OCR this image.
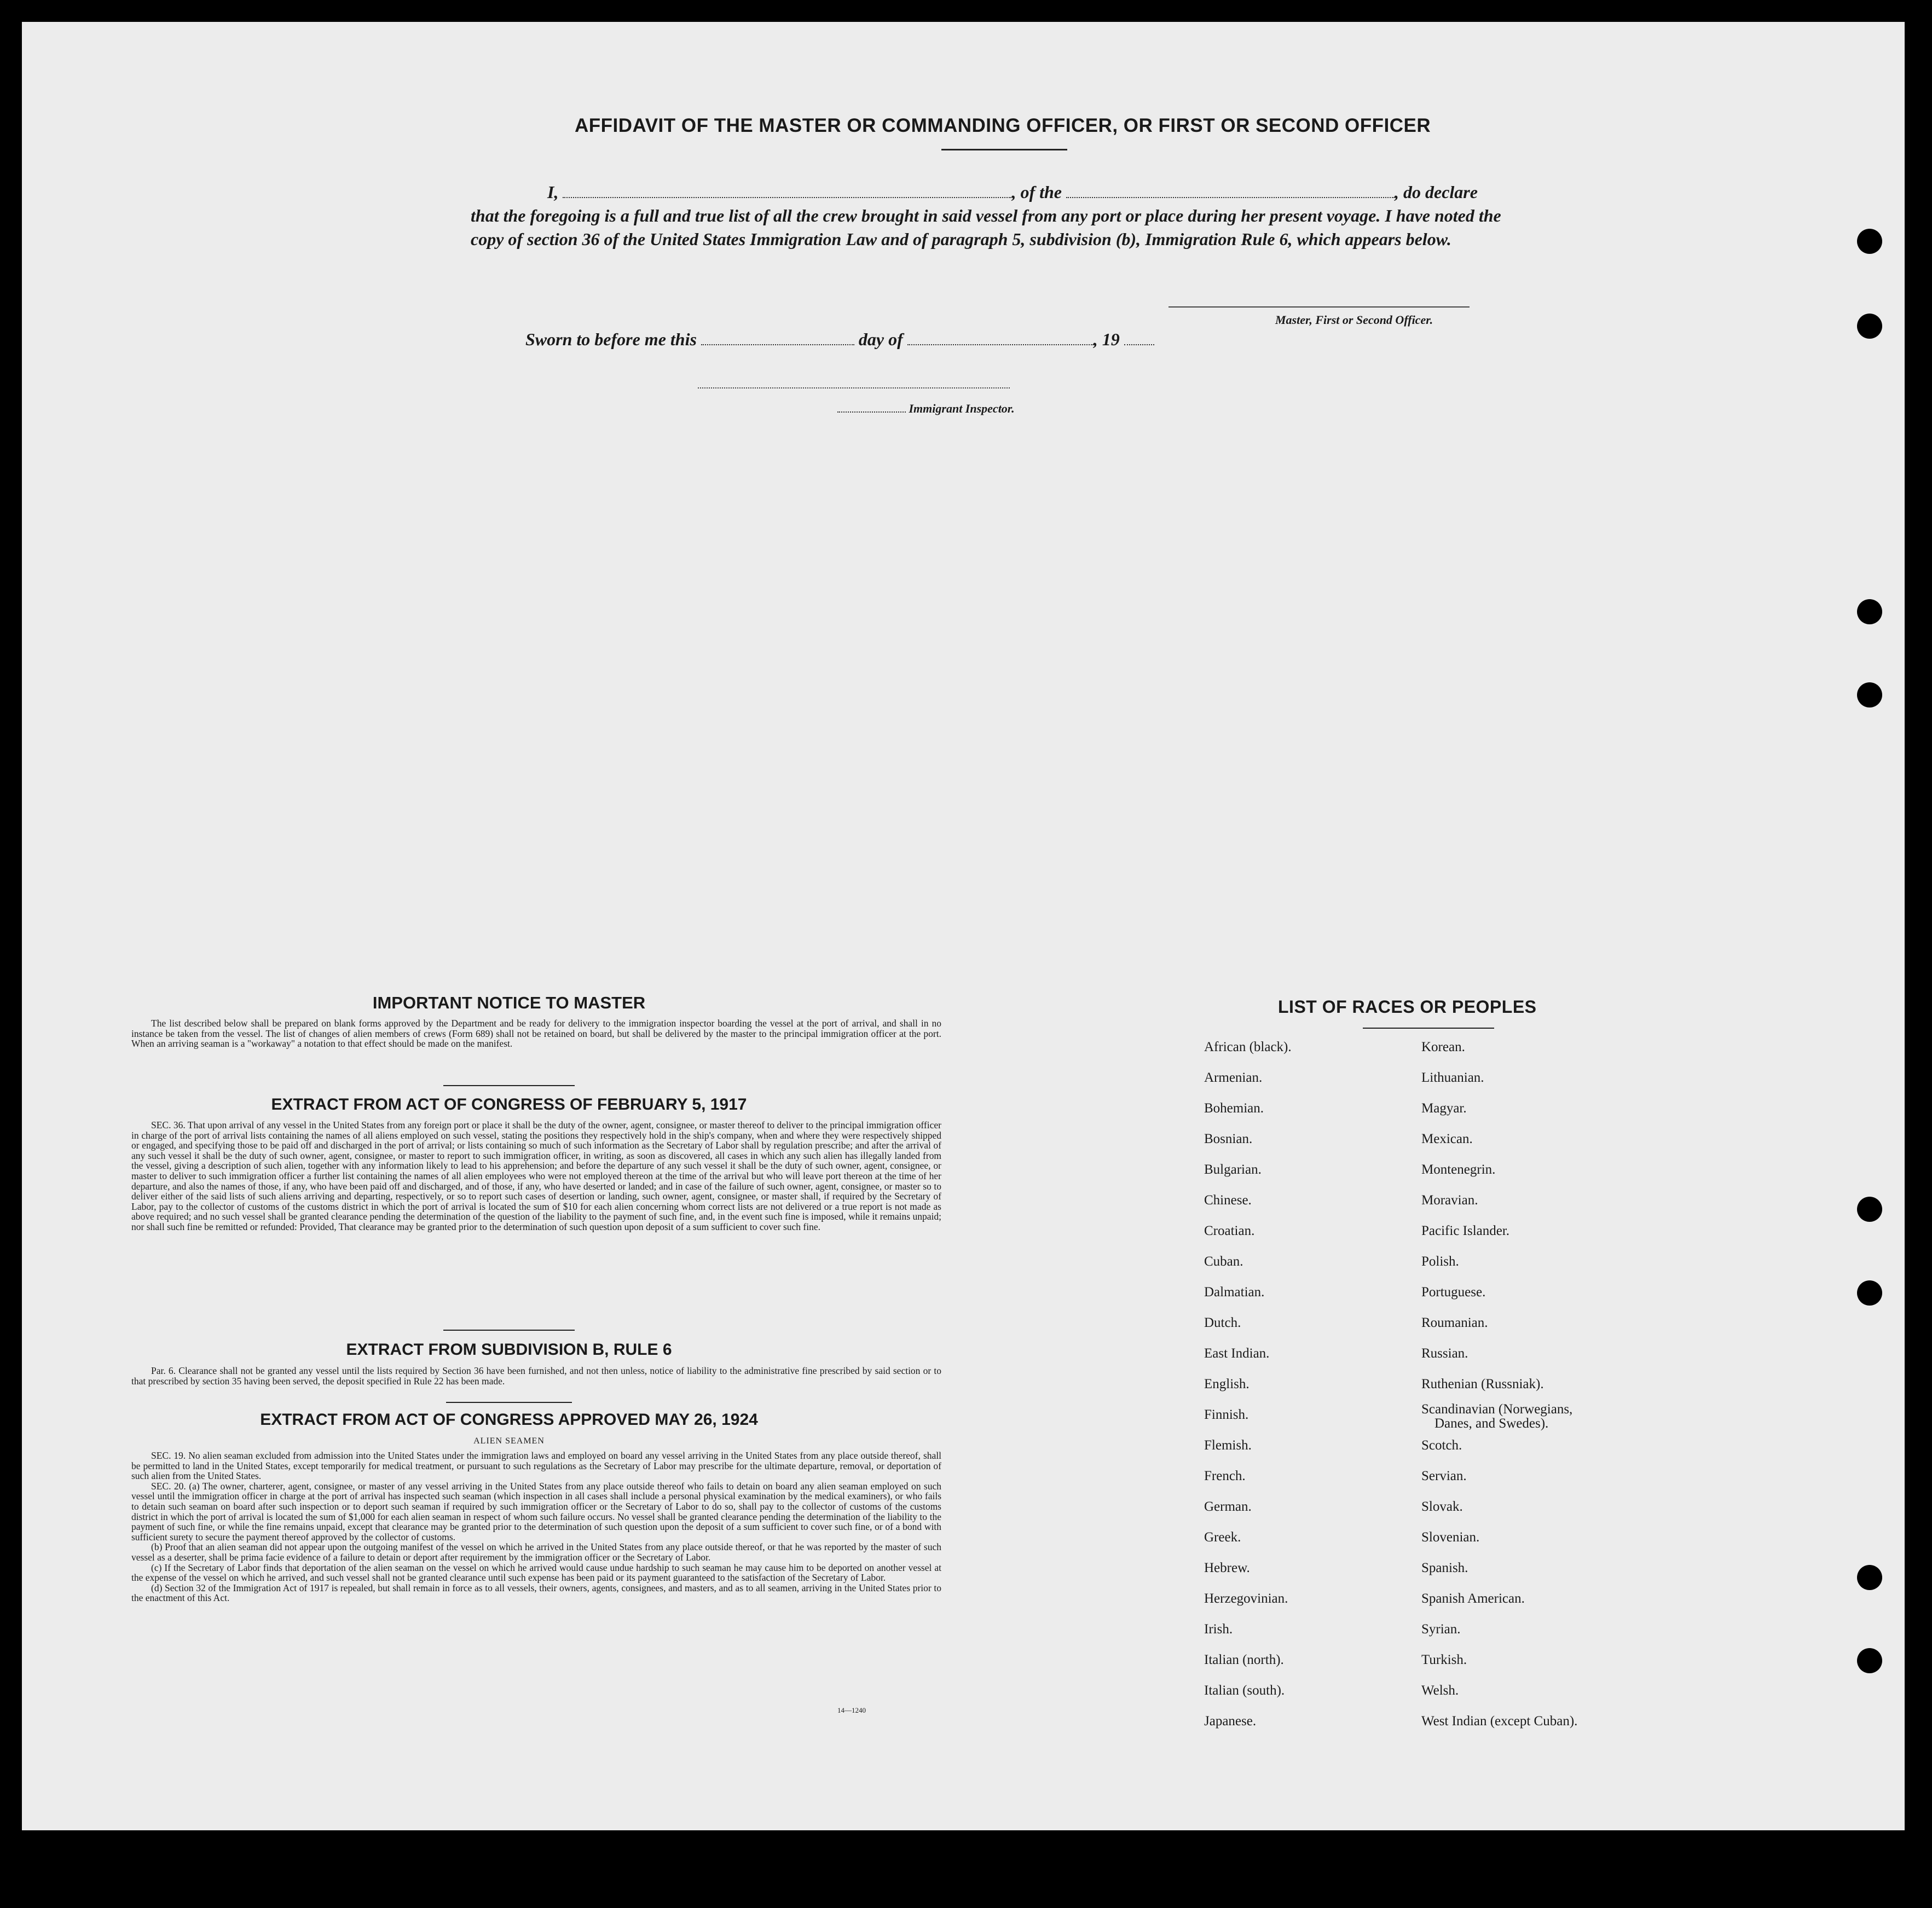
AFFIDAVIT OF THE MASTER OR COMMANDING OFFICER, OR FIRST OR SECOND OFFICER
I,	, of the	, do declare
that the foregoing is a full and true list of all the crew brought in said vessel from any port or place during her present voyage. I have noted the copy of section 36 of the United States Immigration Law and of paragraph 5, subdivision (b), Immigration Rule 6, which appears below.
Master, First or Second Officer.
Sworn to before me this	day of	, 19
Immigrant Inspector.
IMPORTANT NOTICE TO MASTER

The list described below shall be prepared on blank forms approved by the Department and be ready for delivery to the immigration inspector boarding the vessel at the port of arrival, and shall in no instance be taken from the vessel. The list of changes of alien members of crews (Form 689) shall not be retained on board, but shall be delivered by the master to the principal immigration officer at the port. When an arriving seaman is a "workaway" a notation to that effect should be made on the manifest.

EXTRACT FROM ACT OF CONGRESS OF FEBRUARY 5, 1917

SEC. 36. That upon arrival of any vessel in the United States from any foreign port or place it shall be the duty of the owner, agent, consignee, or master thereof to deliver to the principal immigration officer in charge of the port of arrival lists containing the names of all aliens employed on such vessel, stating the positions they respectively hold in the ship's company, when and where they were respectively shipped or engaged, and specifying those to be paid off and discharged in the port of arrival; or lists containing so much of such information as the Secretary of Labor shall by regulation prescribe; and after the arrival of any such vessel it shall be the duty of such owner, agent, consignee, or master to report to such immigration officer, in writing, as soon as discovered, all cases in which any such alien has illegally landed from the vessel, giving a description of such alien, together with any information likely to lead to his apprehension; and before the departure of any such vessel it shall be the duty of such owner, agent, consignee, or master to deliver to such immigration officer a further list containing the names of all alien employees who were not employed thereon at the time of the arrival but who will leave port thereon at the time of her departure, and also the names of those, if any, who have been paid off and discharged, and of those, if any, who have deserted or landed; and in case of the failure of such owner, agent, consignee, or master so to deliver either of the said lists of such aliens arriving and departing, respectively, or so to report such cases of desertion or landing, such owner, agent, consignee, or master shall, if required by the Secretary of Labor, pay to the collector of customs of the customs district in which the port of arrival is located the sum of $10 for each alien concerning whom correct lists are not delivered or a true report is not made as above required; and no such vessel shall be granted clearance pending the determination of the question of the liability to the payment of such fine, and, in the event such fine is imposed, while it remains unpaid; nor shall such fine be remitted or refunded: Provided, That clearance may be granted prior to the determination of such question upon deposit of a sum sufficient to cover such fine.

EXTRACT FROM SUBDIVISION B, RULE 6

Par. 6. Clearance shall not be granted any vessel until the lists required by Section 36 have been furnished, and not then unless, notice of liability to the administrative fine prescribed by said section or to that prescribed by section 35 having been served, the deposit specified in Rule 22 has been made.

EXTRACT FROM ACT OF CONGRESS APPROVED MAY 26, 1924
ALIEN SEAMEN

SEC. 19. No alien seaman excluded from admission into the United States under the immigration laws and employed on board any vessel arriving in the United States from any place outside thereof, shall be permitted to land in the United States, except temporarily for medical treatment, or pursuant to such regulations as the Secretary of Labor may prescribe for the ultimate departure, removal, or deportation of such alien from the United States.

SEC. 20. (a) The owner, charterer, agent, consignee, or master of any vessel arriving in the United States from any place outside thereof who fails to detain on board any alien seaman employed on such vessel until the immigration officer in charge at the port of arrival has inspected such seaman (which inspection in all cases shall include a personal physical examination by the medical examiners), or who fails to detain such seaman on board after such inspection or to deport such seaman if required by such immigration officer or the Secretary of Labor to do so, shall pay to the collector of customs of the customs district in which the port of arrival is located the sum of $1,000 for each alien seaman in respect of whom such failure occurs. No vessel shall be granted clearance pending the determination of the liability to the payment of such fine, or while the fine remains unpaid, except that clearance may be granted prior to the determination of such question upon the deposit of a sum sufficient to cover such fine, or of a bond with sufficient surety to secure the payment thereof approved by the collector of customs.

(b) Proof that an alien seaman did not appear upon the outgoing manifest of the vessel on which he arrived in the United States from any place outside thereof, or that he was reported by the master of such vessel as a deserter, shall be prima facie evidence of a failure to detain or deport after requirement by the immigration officer or the Secretary of Labor.

(c) If the Secretary of Labor finds that deportation of the alien seaman on the vessel on which he arrived would cause undue hardship to such seaman he may cause him to be deported on another vessel at the expense of the vessel on which he arrived, and such vessel shall not be granted clearance until such expense has been paid or its payment guaranteed to the satisfaction of the Secretary of Labor.

(d) Section 32 of the Immigration Act of 1917 is repealed, but shall remain in force as to all vessels, their owners, agents, consignees, and masters, and as to all seamen, arriving in the United States prior to the enactment of this Act.

14—1240
LIST OF RACES OR PEOPLES
African (black).
Armenian.
Bohemian.
Bosnian.
Bulgarian.
Chinese.
Croatian.
Cuban.
Dalmatian.
Dutch.
East Indian.
English.
Finnish.
Flemish.
French.
German.
Greek.
Hebrew.
Herzegovinian.
Irish.
Italian (north).
Italian (south).
Japanese.
Korean.
Lithuanian.
Magyar.
Mexican.
Montenegrin.
Moravian.
Pacific Islander.
Polish.
Portuguese.
Roumanian.
Russian.
Ruthenian (Russniak).
Scandinavian (Norwegians,
Danes, and Swedes).
Scotch.
Servian.
Slovak.
Slovenian.
Spanish.
Spanish American.
Syrian.
Turkish.
Welsh.
West Indian (except Cuban).
